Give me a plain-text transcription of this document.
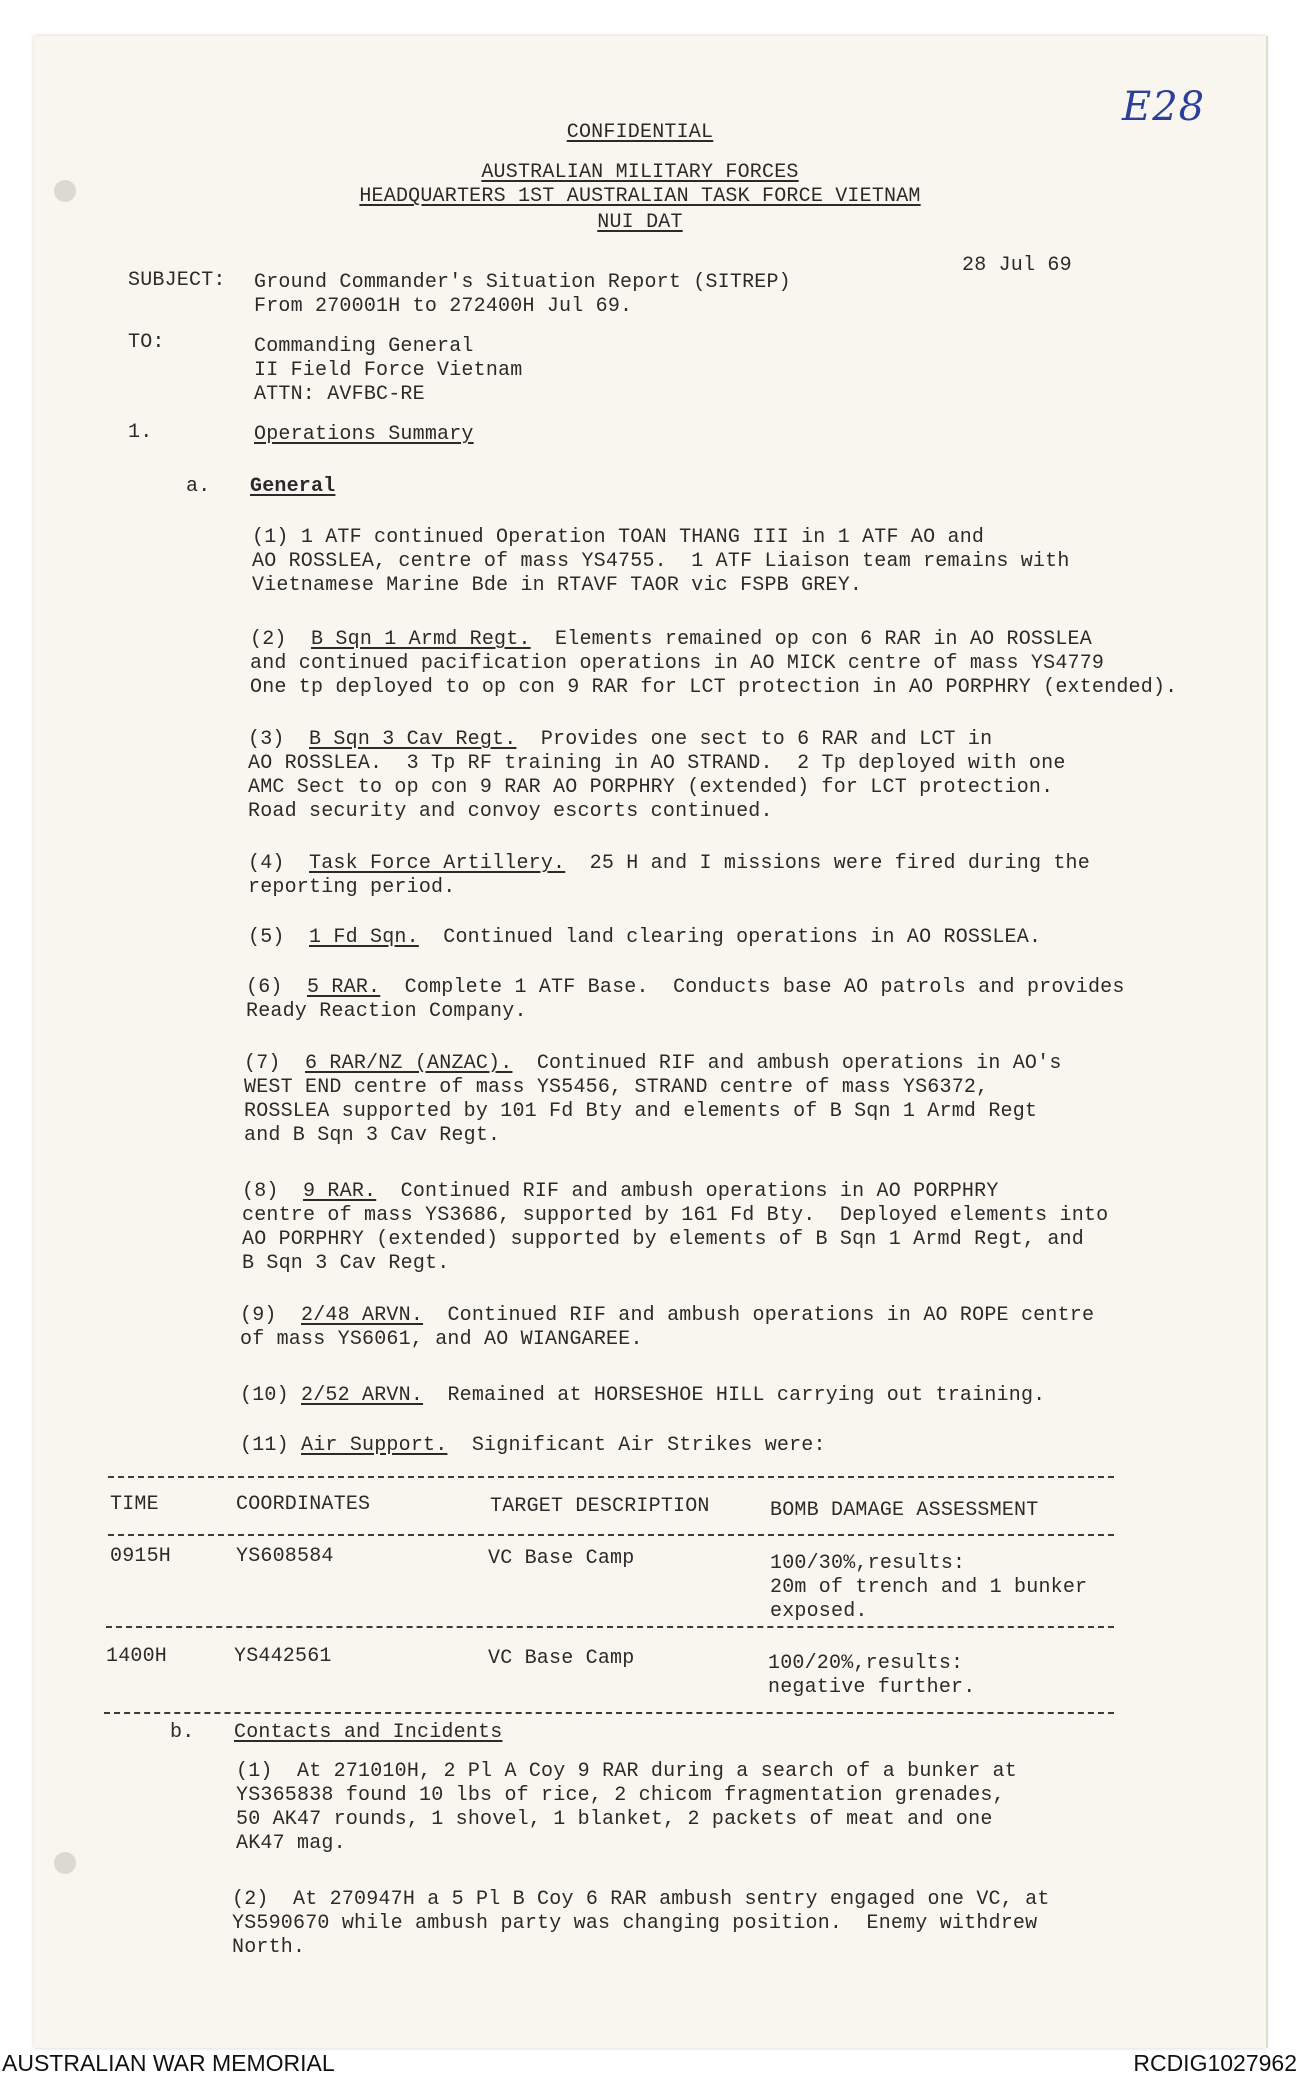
E28
CONFIDENTIAL
AUSTRALIAN MILITARY FORCES
HEADQUARTERS 1ST AUSTRALIAN TASK FORCE VIETNAM
NUI DAT
28 Jul 69
SUBJECT: Ground Commander's Situation Report (SITREP)
From 270001H to 272400H Jul 69.
TO:	Commanding General
II Field Force Vietnam
ATTN: AVFBC-RE
1.	Operations Summary
a. General
(1) 1 ATF continued Operation TOAN THANG III in 1 ATF AO and
AO ROSSLEA, centre of mass YS4755.  1 ATF Liaison team remains with
Vietnamese Marine Bde in RTAVF TAOR vic FSPB GREY.
(2) B Sqn 1 Armd Regt.  Elements remained op con 6 RAR in AO ROSSLEA
and continued pacification operations in AO MICK centre of mass YS4779
One tp deployed to op con 9 RAR for LCT protection in AO PORPHRY (extended).
(3) B Sqn 3 Cav Regt.  Provides one sect to 6 RAR and LCT in
AO ROSSLEA.  3 Tp RF training in AO STRAND.  2 Tp deployed with one
AMC Sect to op con 9 RAR AO PORPHRY (extended) for LCT protection.
Road security and convoy escorts continued.
(4) Task Force Artillery.  25 H and I missions were fired during the
reporting period.
(5) 1 Fd Sqn.  Continued land clearing operations in AO ROSSLEA.
(6) 5 RAR.  Complete 1 ATF Base.  Conducts base AO patrols and provides
Ready Reaction Company.
(7) 6 RAR/NZ (ANZAC).  Continued RIF and ambush operations in AO's
WEST END centre of mass YS5456, STRAND centre of mass YS6372,
ROSSLEA supported by 101 Fd Bty and elements of B Sqn 1 Armd Regt
and B Sqn 3 Cav Regt.
(8) 9 RAR.  Continued RIF and ambush operations in AO PORPHRY
centre of mass YS3686, supported by 161 Fd Bty.  Deployed elements into
AO PORPHRY (extended) supported by elements of B Sqn 1 Armd Regt, and
B Sqn 3 Cav Regt.
(9) 2/48 ARVN.  Continued RIF and ambush operations in AO ROPE centre
of mass YS6061, and AO WIANGAREE.
(10) 2/52 ARVN.  Remained at HORSESHOE HILL carrying out training.
(11) Air Support.  Significant Air Strikes were:
TIME	COORDINATES	TARGET DESCRIPTION	BOMB DAMAGE ASSESSMENT
0915H	YS608584	VC Base Camp	100/30%,results:
20m of trench and 1 bunker
exposed.
1400H	YS442561	VC Base Camp	100/20%,results:
negative further.
b. Contacts and Incidents
(1) At 271010H, 2 Pl A Coy 9 RAR during a search of a bunker at
YS365838 found 10 lbs of rice, 2 chicom fragmentation grenades,
50 AK47 rounds, 1 shovel, 1 blanket, 2 packets of meat and one
AK47 mag.
(2) At 270947H a 5 Pl B Coy 6 RAR ambush sentry engaged one VC, at
YS590670 while ambush party was changing position.  Enemy withdrew
North.
AUSTRALIAN WAR MEMORIAL	RCDIG1027962
